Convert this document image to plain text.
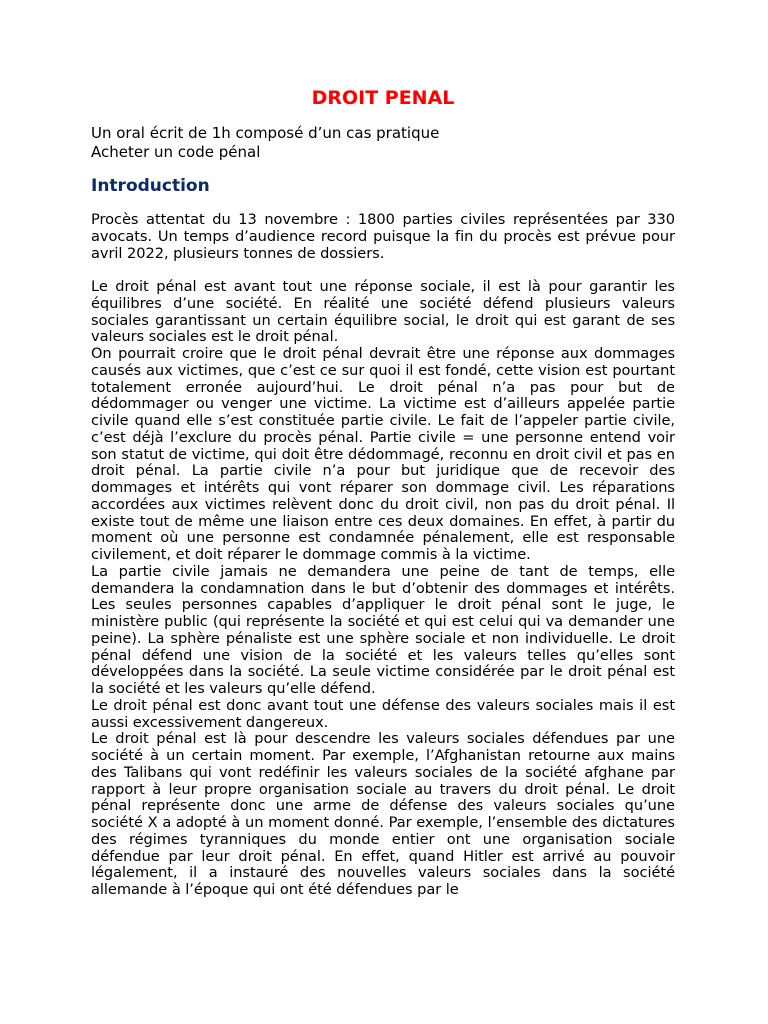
DROIT PENAL
Un oral écrit de 1h composé d’un cas pratique
Acheter un code pénal
Introduction

Procès attentat du 13 novembre : 1800 parties civiles représentées par 330 avocats. Un temps d’audience record puisque la fin du procès est prévue pour avril 2022, plusieurs tonnes de dossiers.

Le droit pénal est avant tout une réponse sociale, il est là pour garantir les équilibres d’une société. En réalité une société défend plusieurs valeurs sociales garantissant un certain équilibre social, le droit qui est garant de ses valeurs sociales est le droit pénal.

On pourrait croire que le droit pénal devrait être une réponse aux dommages causés aux victimes, que c’est ce sur quoi il est fondé, cette vision est pourtant totalement erronée aujourd’hui. Le droit pénal n’a pas pour but de dédommager ou venger une victime. La victime est d’ailleurs appelée partie civile quand elle s’est constituée partie civile. Le fait de l’appeler partie civile, c’est déjà l’exclure du procès pénal. Partie civile = une personne entend voir son statut de victime, qui doit être dédommagé, reconnu en droit civil et pas en droit pénal. La partie civile n’a pour but juridique que de recevoir des dommages et intérêts qui vont réparer son dommage civil. Les réparations accordées aux victimes relèvent donc du droit civil, non pas du droit pénal. Il existe tout de même une liaison entre ces deux domaines. En effet, à partir du moment où une personne est condamnée pénalement, elle est responsable civilement, et doit réparer le dommage commis à la victime.

La partie civile jamais ne demandera une peine de tant de temps, elle demandera la condamnation dans le but d’obtenir des dommages et intérêts. Les seules personnes capables d’appliquer le droit pénal sont le juge, le ministère public (qui représente la société et qui est celui qui va demander une peine). La sphère pénaliste est une sphère sociale et non individuelle. Le droit pénal défend une vision de la société et les valeurs telles qu’elles sont développées dans la société. La seule victime considérée par le droit pénal est la société et les valeurs qu’elle défend.

Le droit pénal est donc avant tout une défense des valeurs sociales mais il est aussi excessivement dangereux.

Le droit pénal est là pour descendre les valeurs sociales défendues par une société à un certain moment. Par exemple, l’Afghanistan retourne aux mains des Talibans qui vont redéfinir les valeurs sociales de la société afghane par rapport à leur propre organisation sociale au travers du droit pénal. Le droit pénal représente donc une arme de défense des valeurs sociales qu’une société X a adopté à un moment donné. Par exemple, l’ensemble des dictatures des régimes tyranniques du monde entier ont une organisation sociale défendue par leur droit pénal. En effet, quand Hitler est arrivé au pouvoir légalement, il a instauré des nouvelles valeurs sociales dans la société allemande à l’époque qui ont été défendues par le
